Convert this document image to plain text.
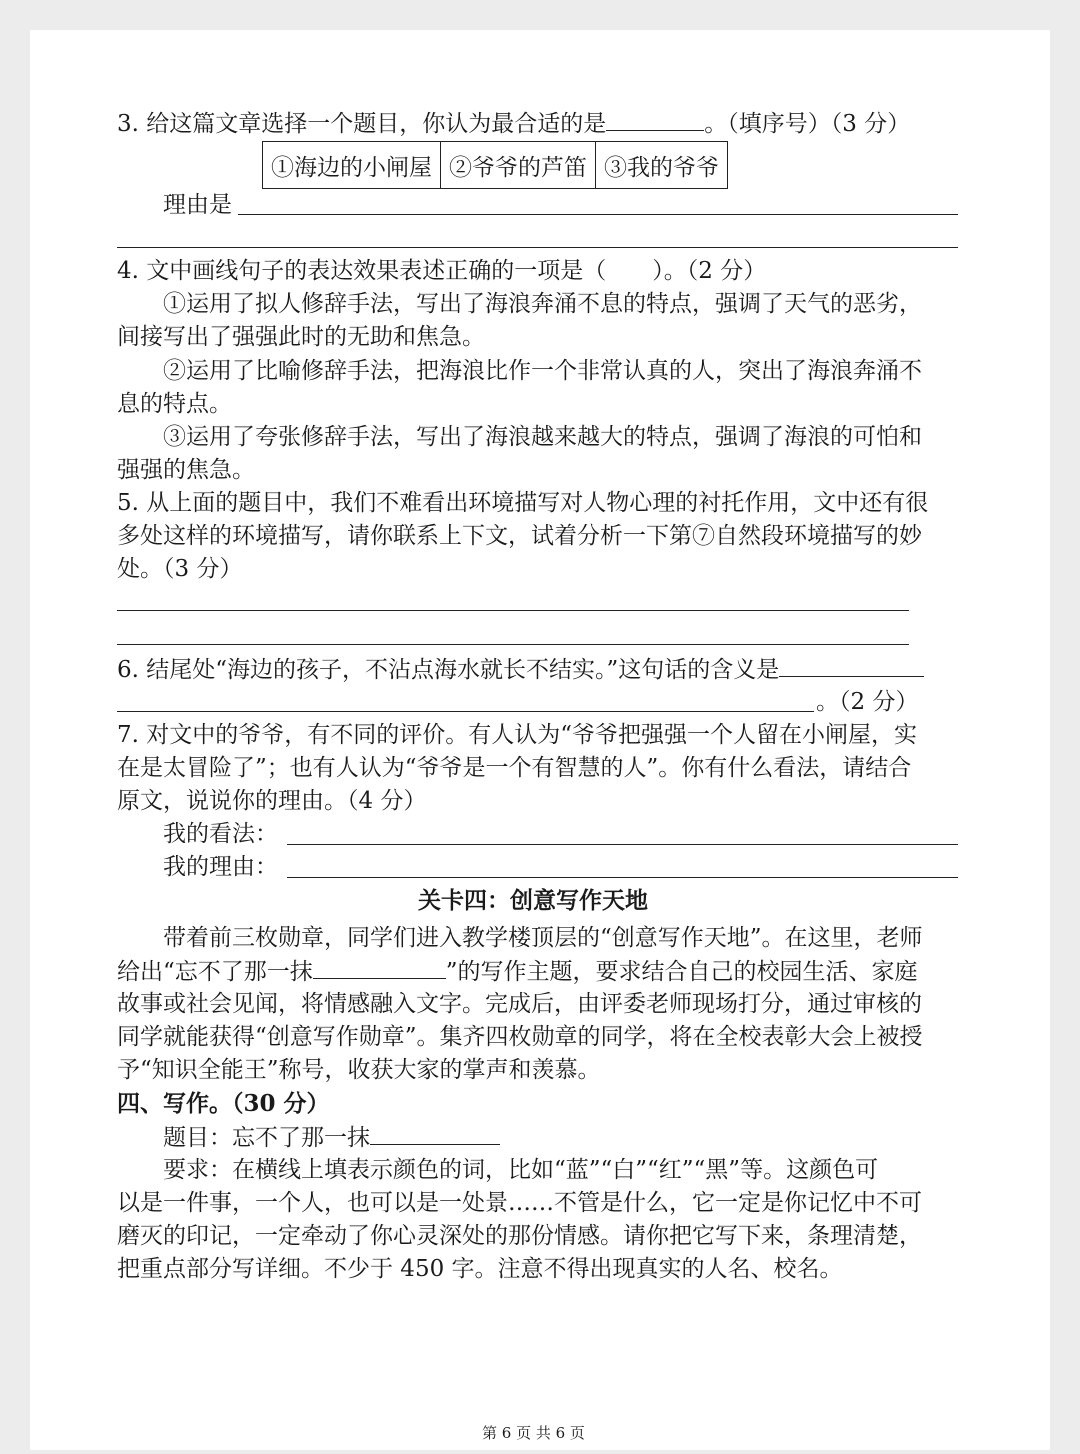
3. 给这篇文章选择一个题目，你认为最合适的是	。（填序号）（3 分）
①海边的小闸屋	②爷爷的芦笛	③我的爷爷
理由是
4. 文中画线句子的表达效果表述正确的一项是（　　）。（2 分）
①运用了拟人修辞手法，写出了海浪奔涌不息的特点，强调了天气的恶劣，
间接写出了强强此时的无助和焦急。
②运用了比喻修辞手法，把海浪比作一个非常认真的人，突出了海浪奔涌不
息的特点。
③运用了夸张修辞手法，写出了海浪越来越大的特点，强调了海浪的可怕和
强强的焦急。
5. 从上面的题目中，我们不难看出环境描写对人物心理的衬托作用，文中还有很
多处这样的环境描写，请你联系上下文，试着分析一下第⑦自然段环境描写的妙
处。（3 分）
6. 结尾处“海边的孩子，不沾点海水就长不结实。”这句话的含义是
。（2 分）
7. 对文中的爷爷，有不同的评价。有人认为“爷爷把强强一个人留在小闸屋，实
在是太冒险了”；也有人认为“爷爷是一个有智慧的人”。你有什么看法，请结合
原文，说说你的理由。（4 分）
我的看法：
我的理由：
关卡四：创意写作天地
带着前三枚勋章，同学们进入教学楼顶层的“创意写作天地”。在这里，老师
给出“忘不了那一抹	”的写作主题，要求结合自己的校园生活、家庭
故事或社会见闻，将情感融入文字。完成后，由评委老师现场打分，通过审核的
同学就能获得“创意写作勋章”。集齐四枚勋章的同学，将在全校表彰大会上被授
予“知识全能王”称号，收获大家的掌声和羡慕。
四、写作。（30 分）
题目：忘不了那一抹
要求：在横线上填表示颜色的词，比如“蓝”“白”“红”“黑”等。这颜色可
以是一件事，一个人，也可以是一处景……不管是什么，它一定是你记忆中不可
磨灭的印记，一定牵动了你心灵深处的那份情感。请你把它写下来，条理清楚，
把重点部分写详细。不少于 450 字。注意不得出现真实的人名、校名。
第 6 页 共 6 页
